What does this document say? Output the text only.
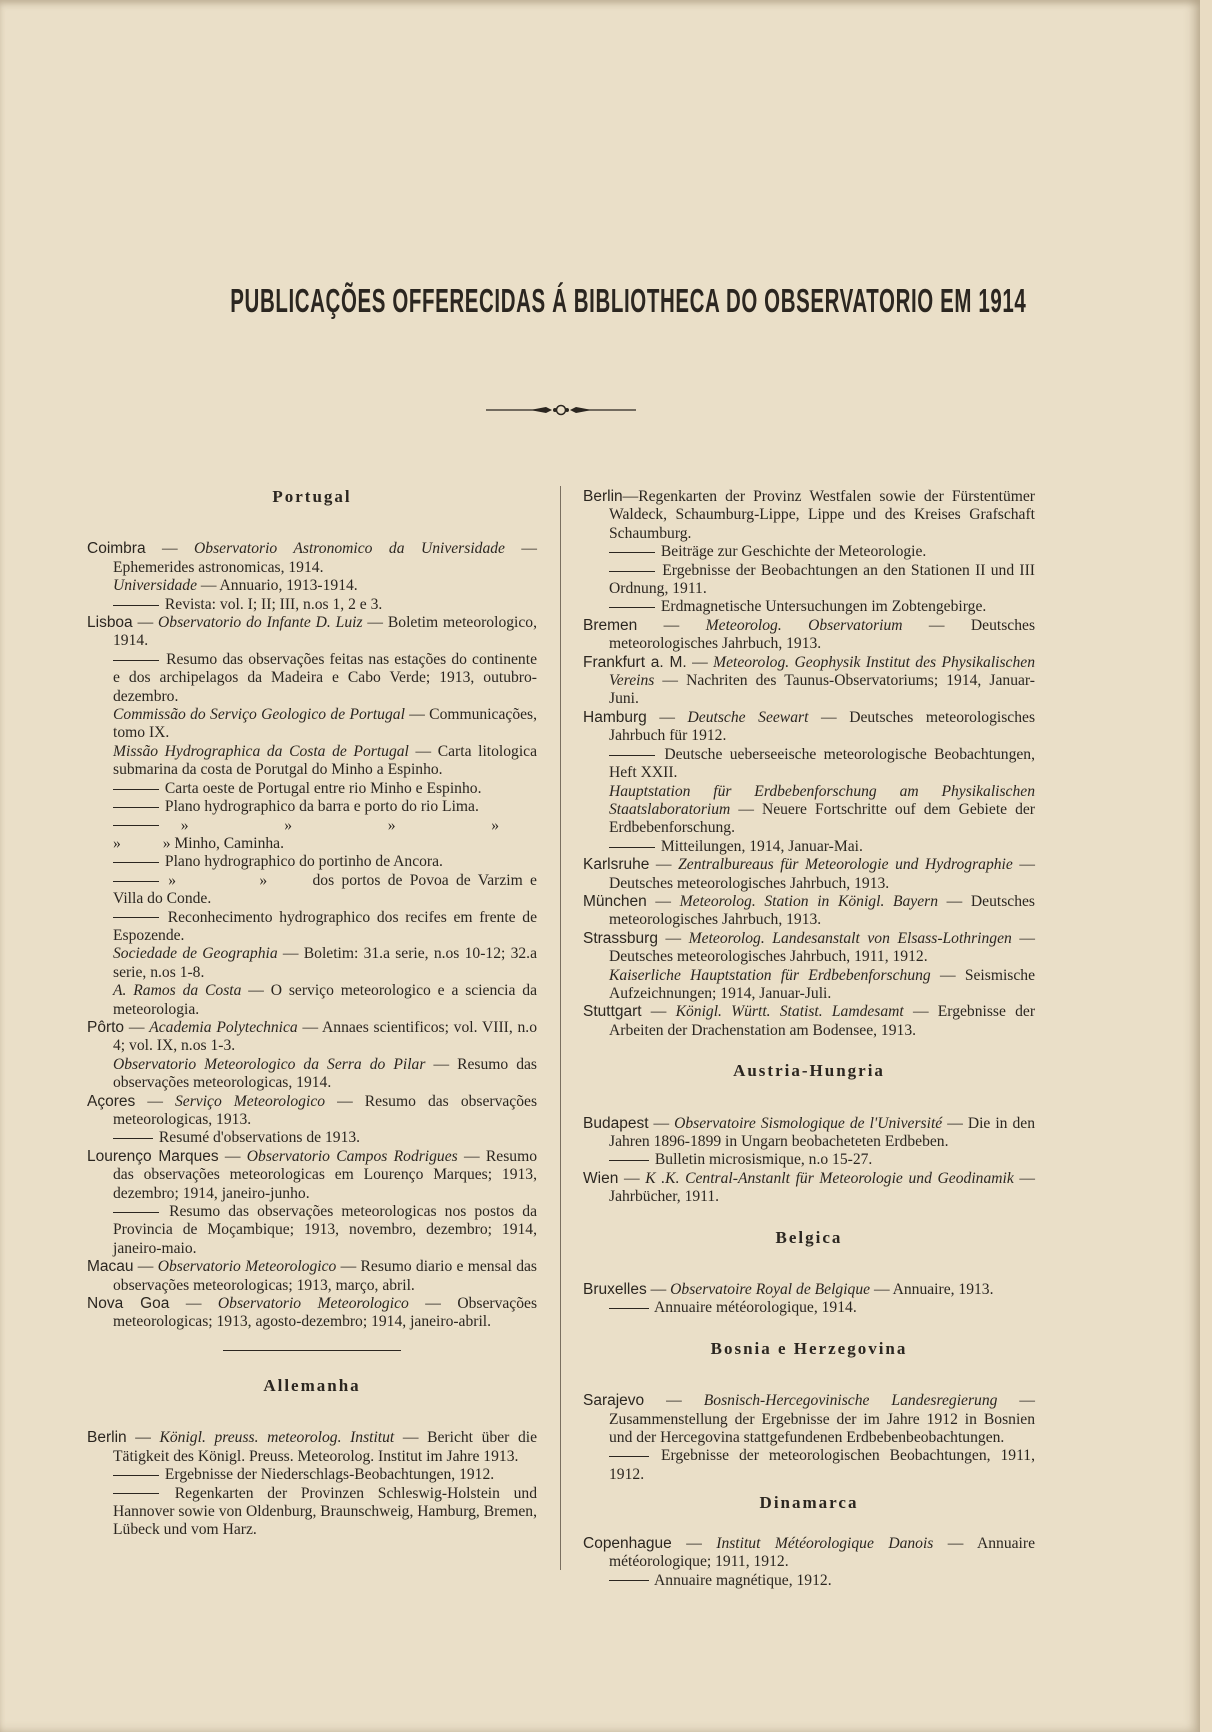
PUBLICAÇÕES OFFERECIDAS Á BIBLIOTHECA DO OBSERVATORIO EM 1914
Portugal

Coimbra — Observatorio Astronomico da Universidade — Ephemerides astronomicas, 1914.

Universidade — Annuario, 1913-1914.

Revista: vol. I; II; III, n.os 1, 2 e 3.

Lisboa — Observatorio do Infante D. Luiz — Boletim meteorologico, 1914.

Resumo das observações feitas nas estações do continente e dos archipelagos da Madeira e Cabo Verde; 1913, outubro-dezembro.

Commissão do Serviço Geologico de Portugal — Communicações, tomo IX.

Missão Hydrographica da Costa de Portugal — Carta litologica submarina da costa de Porutgal do Minho a Espinho.

Carta oeste de Portugal entre rio Minho e Espinho.

Plano hydrographico da barra e porto do rio Lima.

» » » » » » Minho, Caminha.

Plano hydrographico do portinho de Ancora.

» » dos portos de Povoa de Varzim e Villa do Conde.

Reconhecimento hydrographico dos recifes em frente de Espozende.

Sociedade de Geographia — Boletim: 31.a serie, n.os 10-12; 32.a serie, n.os 1-8.

A. Ramos da Costa — O serviço meteorologico e a sciencia da meteorologia.

Pôrto — Academia Polytechnica — Annaes scientificos; vol. VIII, n.o 4; vol. IX, n.os 1-3.

Observatorio Meteorologico da Serra do Pilar — Resumo das observações meteorologicas, 1914.

Açores — Serviço Meteorologico — Resumo das observações meteorologicas, 1913.

Resumé d'observations de 1913.

Lourenço Marques — Observatorio Campos Rodrigues — Resumo das observações meteorologicas em Lourenço Marques; 1913, dezembro; 1914, janeiro-junho.

Resumo das observações meteorologicas nos postos da Provincia de Moçambique; 1913, novembro, dezembro; 1914, janeiro-maio.

Macau — Observatorio Meteorologico — Resumo diario e mensal das observações meteorologicas; 1913, março, abril.

Nova Goa — Observatorio Meteorologico — Observações meteorologicas; 1913, agosto-dezembro; 1914, janeiro-abril.

Allemanha

Berlin — Königl. preuss. meteorolog. Institut — Bericht über die Tätigkeit des Königl. Preuss. Meteorolog. Institut im Jahre 1913.

Ergebnisse der Niederschlags-Beobachtungen, 1912.

Regenkarten der Provinzen Schleswig-Holstein und Hannover sowie von Oldenburg, Braunschweig, Hamburg, Bremen, Lübeck und vom Harz.

Berlin—Regenkarten der Provinz Westfalen sowie der Fürstentümer Waldeck, Schaumburg-Lippe, Lippe und des Kreises Grafschaft Schaumburg.

Beiträge zur Geschichte der Meteorologie.

Ergebnisse der Beobachtungen an den Stationen II und III Ordnung, 1911.

Erdmagnetische Untersuchungen im Zobtengebirge.

Bremen — Meteorolog. Observatorium — Deutsches meteorologisches Jahrbuch, 1913.

Frankfurt a. M. — Meteorolog. Geophysik Institut des Physikalischen Vereins — Nachriten des Taunus-Observatoriums; 1914, Januar-Juni.

Hamburg — Deutsche Seewart — Deutsches meteorologisches Jahrbuch für 1912.

Deutsche ueberseeische meteorologische Beobachtungen, Heft XXII.

Hauptstation für Erdbebenforschung am Physikalischen Staatslaboratorium — Neuere Fortschritte ouf dem Gebiete der Erdbebenforschung.

Mitteilungen, 1914, Januar-Mai.

Karlsruhe — Zentralbureaus für Meteorologie und Hydrographie — Deutsches meteorologisches Jahrbuch, 1913.

München — Meteorolog. Station in Königl. Bayern — Deutsches meteorologisches Jahrbuch, 1913.

Strassburg — Meteorolog. Landesanstalt von Elsass-Lothringen — Deutsches meteorologisches Jahrbuch, 1911, 1912.

Kaiserliche Hauptstation für Erdbebenforschung — Seismische Aufzeichnungen; 1914, Januar-Juli.

Stuttgart — Königl. Württ. Statist. Lamdesamt — Ergebnisse der Arbeiten der Drachenstation am Bodensee, 1913.

Austria-Hungria

Budapest — Observatoire Sismologique de l'Université — Die in den Jahren 1896-1899 in Ungarn beobacheteten Erdbeben.

Bulletin microsismique, n.o 15-27.

Wien — K .K. Central-Anstanlt für Meteorologie und Geodinamik — Jahrbücher, 1911.

Belgica

Bruxelles — Observatoire Royal de Belgique — Annuaire, 1913.

Annuaire météorologique, 1914.

Bosnia e Herzegovina

Sarajevo — Bosnisch-Hercegovinische Landesregierung — Zusammenstellung der Ergebnisse der im Jahre 1912 in Bosnien und der Hercegovina stattgefundenen Erdbebenbeobachtungen.

Ergebnisse der meteorologischen Beobachtungen, 1911, 1912.

Dinamarca

Copenhague — Institut Météorologique Danois — Annuaire météorologique; 1911, 1912.

Annuaire magnétique, 1912.
